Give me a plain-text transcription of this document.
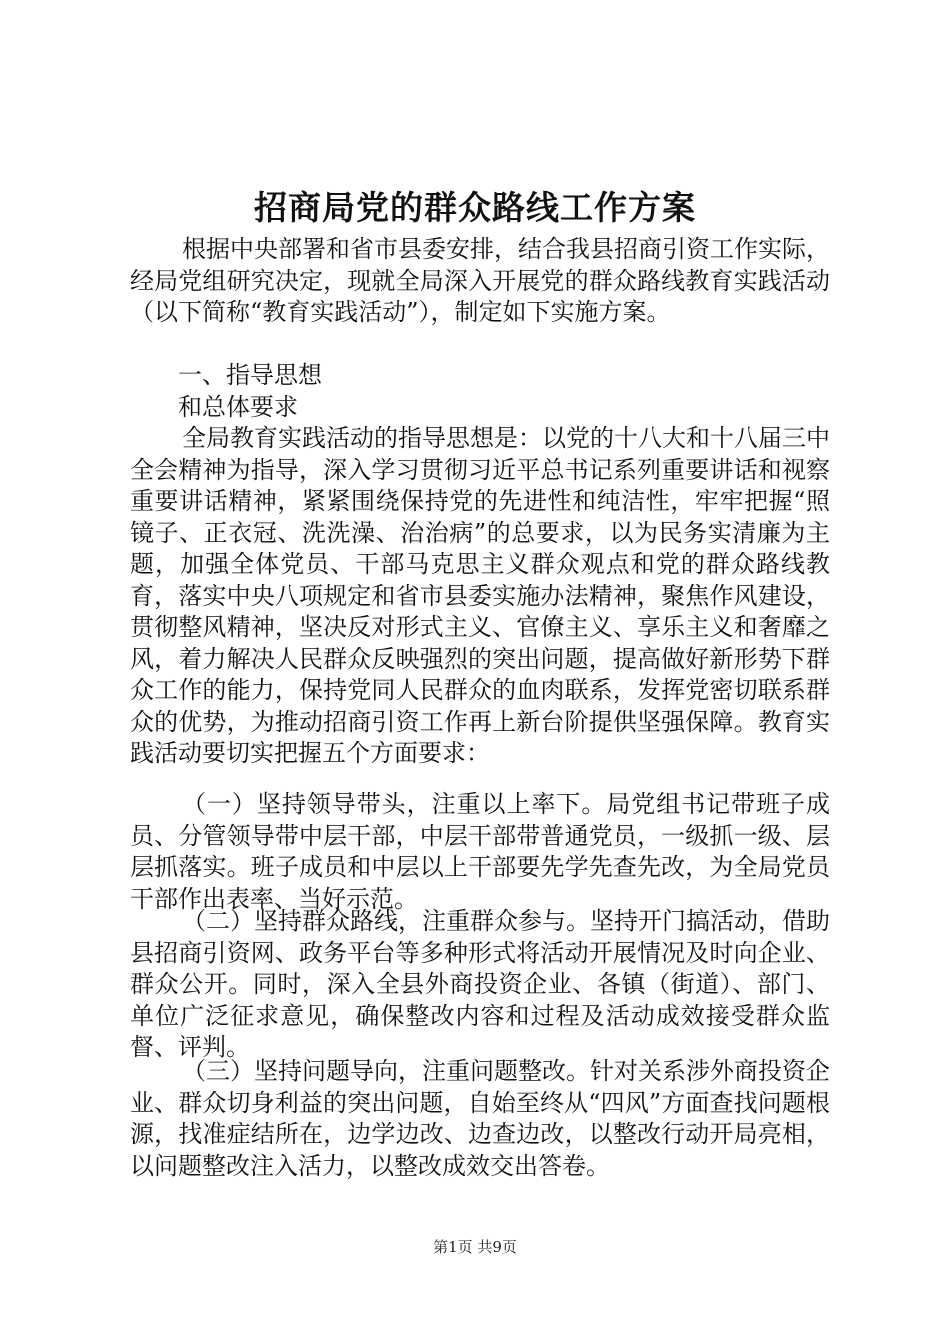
招商局党的群众路线工作方案

根据中央部署和省市县委安排，结合我县招商引资工作实际，经局党组研究决定，现就全局深入开展党的群众路线教育实践活动（以下简称“教育实践活动”），制定如下实施方案。

一、指导思想

和总体要求

全局教育实践活动的指导思想是：以党的十八大和十八届三中全会精神为指导，深入学习贯彻习近平总书记系列重要讲话和视察重要讲话精神，紧紧围绕保持党的先进性和纯洁性，牢牢把握“照镜子、正衣冠、洗洗澡、治治病”的总要求，以为民务实清廉为主题，加强全体党员、干部马克思主义群众观点和党的群众路线教育，落实中央八项规定和省市县委实施办法精神，聚焦作风建设，贯彻整风精神，坚决反对形式主义、官僚主义、享乐主义和奢靡之风，着力解决人民群众反映强烈的突出问题，提高做好新形势下群众工作的能力，保持党同人民群众的血肉联系，发挥党密切联系群众的优势，为推动招商引资工作再上新台阶提供坚强保障。教育实践活动要切实把握五个方面要求：

（一）坚持领导带头，注重以上率下。局党组书记带班子成员、分管领导带中层干部，中层干部带普通党员，一级抓一级、层层抓落实。班子成员和中层以上干部要先学先查先改，为全局党员干部作出表率、当好示范。

（二）坚持群众路线，注重群众参与。坚持开门搞活动，借助县招商引资网、政务平台等多种形式将活动开展情况及时向企业、群众公开。同时，深入全县外商投资企业、各镇（街道）、部门、单位广泛征求意见，确保整改内容和过程及活动成效接受群众监督、评判。

（三）坚持问题导向，注重问题整改。针对关系涉外商投资企业、群众切身利益的突出问题，自始至终从“四风”方面查找问题根源，找准症结所在，边学边改、边查边改，以整改行动开局亮相，以问题整改注入活力，以整改成效交出答卷。

第1页 共9页
